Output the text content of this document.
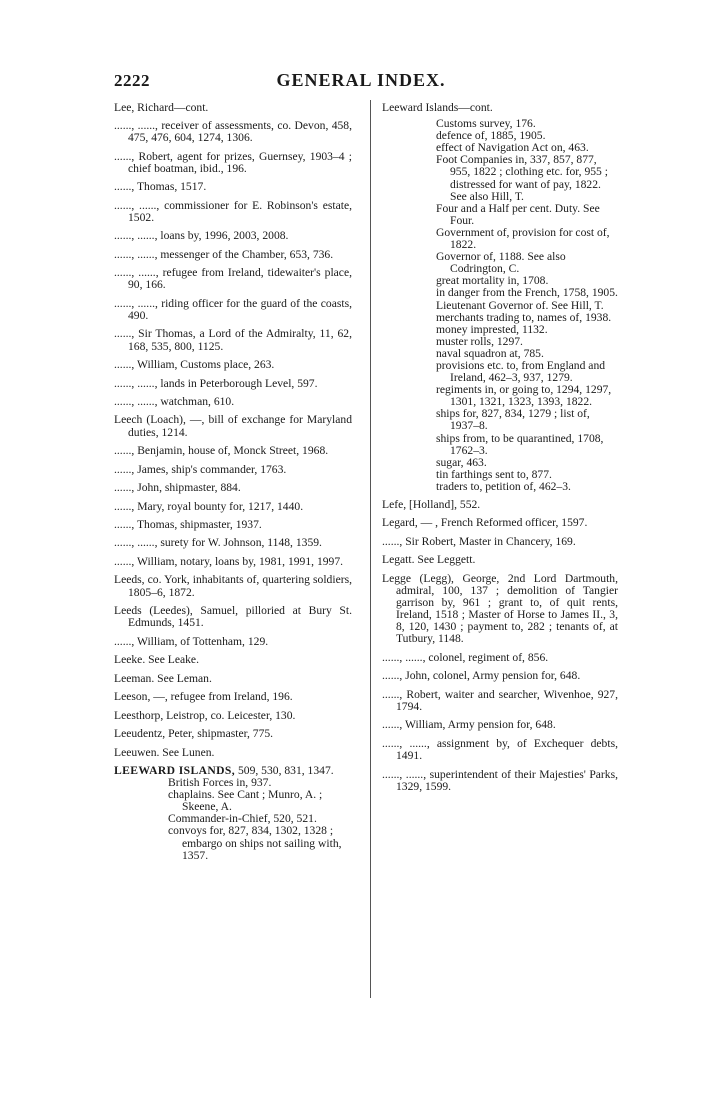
2222	GENERAL INDEX.

Lee, Richard—cont.

......, ......, receiver of assessments, co. Devon, 458, 475, 476, 604, 1274, 1306.

......, Robert, agent for prizes, Guernsey, 1903–4 ; chief boatman, ibid., 196.

......, Thomas, 1517.

......, ......, commissioner for E. Robinson's estate, 1502.

......, ......, loans by, 1996, 2003, 2008.

......, ......, messenger of the Chamber, 653, 736.

......, ......, refugee from Ireland, tidewaiter's place, 90, 166.

......, ......, riding officer for the guard of the coasts, 490.

......, Sir Thomas, a Lord of the Admiralty, 11, 62, 168, 535, 800, 1125.

......, William, Customs place, 263.

......, ......, lands in Peterborough Level, 597.

......, ......, watchman, 610.

Leech (Loach), —, bill of exchange for Maryland duties, 1214.

......, Benjamin, house of, Monck Street, 1968.

......, James, ship's commander, 1763.

......, John, shipmaster, 884.

......, Mary, royal bounty for, 1217, 1440.

......, Thomas, shipmaster, 1937.

......, ......, surety for W. Johnson, 1148, 1359.

......, William, notary, loans by, 1981, 1991, 1997.

Leeds, co. York, inhabitants of, quartering soldiers, 1805–6, 1872.

Leeds (Leedes), Samuel, pilloried at Bury St. Edmunds, 1451.

......, William, of Tottenham, 129.

Leeke. See Leake.

Leeman. See Leman.

Leeson, —, refugee from Ireland, 196.

Leesthorp, Leistrop, co. Leicester, 130.

Leeudentz, Peter, shipmaster, 775.

Leeuwen. See Lunen.

LEEWARD ISLANDS, 509, 530, 831, 1347.

British Forces in, 937.

chaplains. See Cant ; Munro, A. ; Skeene, A.

Commander-in-Chief, 520, 521.

convoys for, 827, 834, 1302, 1328 ; embargo on ships not sailing with, 1357.

Leeward Islands—cont.

Customs survey, 176.

defence of, 1885, 1905.

effect of Navigation Act on, 463.

Foot Companies in, 337, 857, 877, 955, 1822 ; clothing etc. for, 955 ; distressed for want of pay, 1822. See also Hill, T.

Four and a Half per cent. Duty. See Four.

Government of, provision for cost of, 1822.

Governor of, 1188. See also Codrington, C.

great mortality in, 1708.

in danger from the French, 1758, 1905.

Lieutenant Governor of. See Hill, T.

merchants trading to, names of, 1938.

money imprested, 1132.

muster rolls, 1297.

naval squadron at, 785.

provisions etc. to, from England and Ireland, 462–3, 937, 1279.

regiments in, or going to, 1294, 1297, 1301, 1321, 1323, 1393, 1822.

ships for, 827, 834, 1279 ; list of, 1937–8.

ships from, to be quarantined, 1708, 1762–3.

sugar, 463.

tin farthings sent to, 877.

traders to, petition of, 462–3.

Lefe, [Holland], 552.

Legard, — , French Reformed officer, 1597.

......, Sir Robert, Master in Chancery, 169.

Legatt. See Leggett.

Legge (Legg), George, 2nd Lord Dartmouth, admiral, 100, 137 ; demolition of Tangier garrison by, 961 ; grant to, of quit rents, Ireland, 1518 ; Master of Horse to James II., 3, 8, 120, 1430 ; payment to, 282 ; tenants of, at Tutbury, 1148.

......, ......, colonel, regiment of, 856.

......, John, colonel, Army pension for, 648.

......, Robert, waiter and searcher, Wivenhoe, 927, 1794.

......, William, Army pension for, 648.

......, ......, assignment by, of Exchequer debts, 1491.

......, ......, superintendent of their Majesties' Parks, 1329, 1599.
